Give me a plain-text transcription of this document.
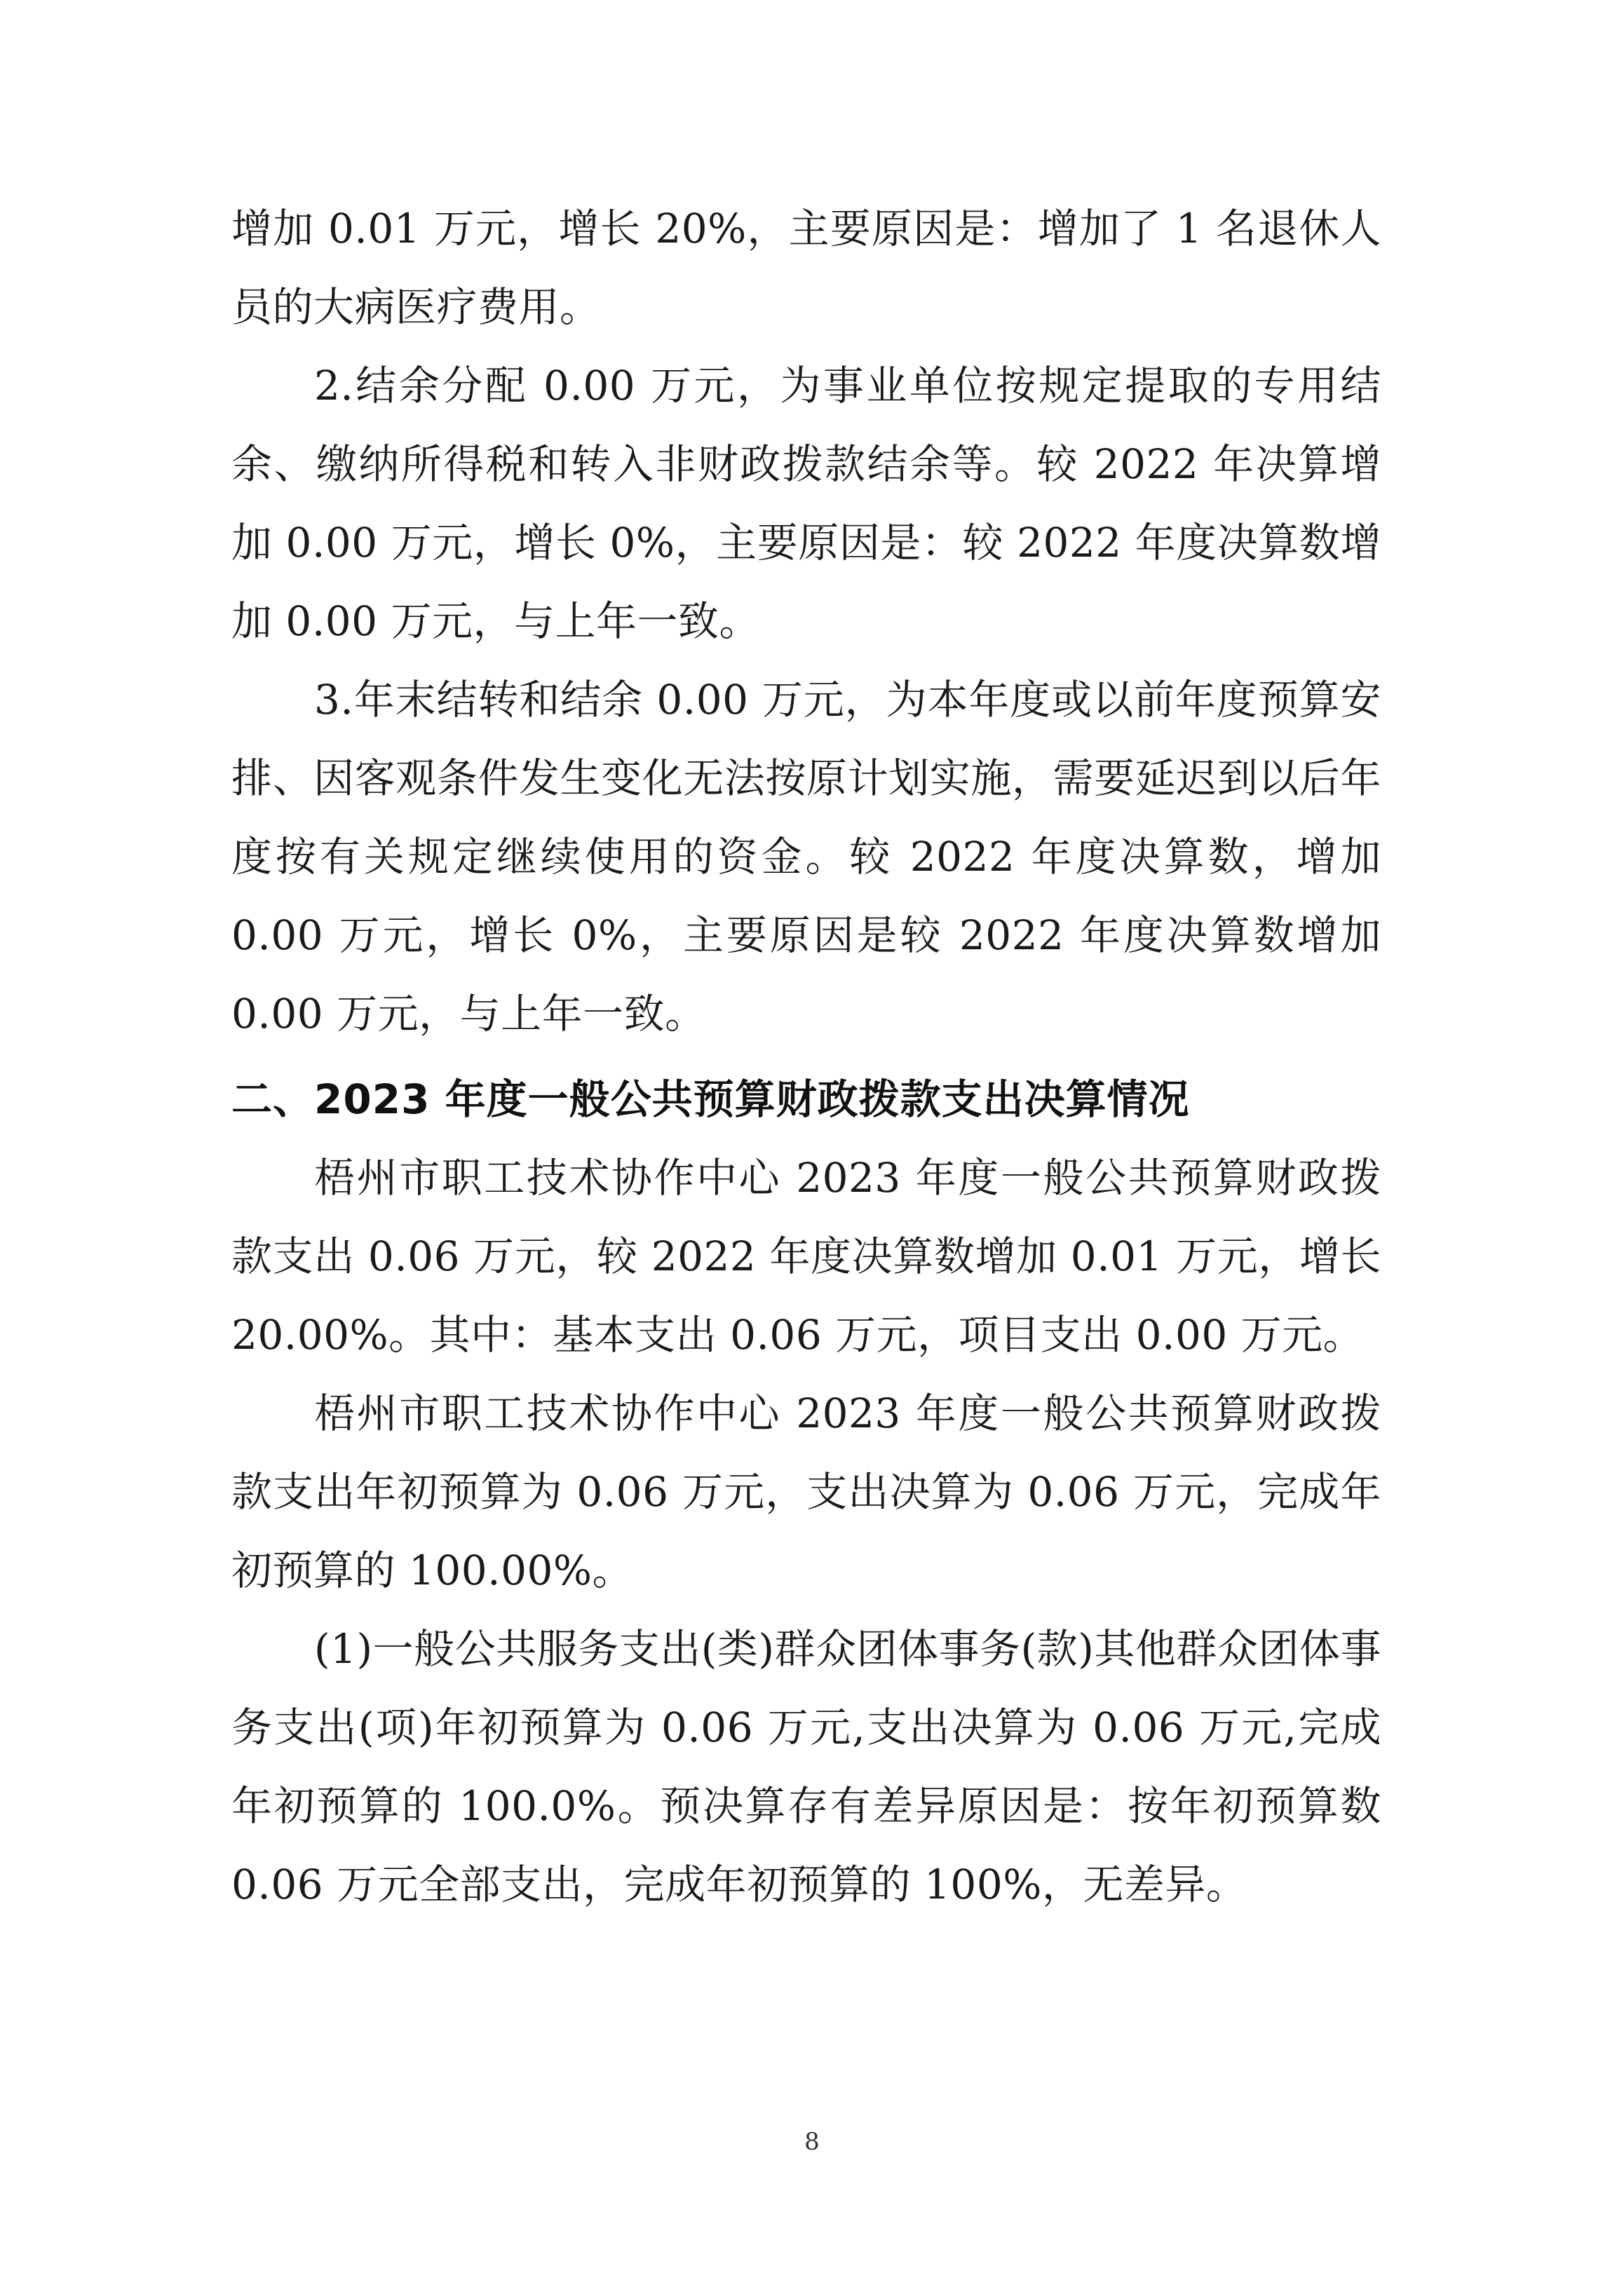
增加 0.01 万元，增长 20%，主要原因是：增加了 1 名退休人员的大病医疗费用。

2.结余分配 0.00 万元，为事业单位按规定提取的专用结余、缴纳所得税和转入非财政拨款结余等。较 2022 年决算增加 0.00 万元，增长 0%，主要原因是：较 2022 年度决算数增加 0.00 万元，与上年一致。

3.年末结转和结余 0.00 万元，为本年度或以前年度预算安排、因客观条件发生变化无法按原计划实施，需要延迟到以后年度按有关规定继续使用的资金。较 2022 年度决算数，增加 0.00 万元，增长 0%，主要原因是较 2022 年度决算数增加 0.00 万元，与上年一致。

二、2023 年度一般公共预算财政拨款支出决算情况

梧州市职工技术协作中心 2023 年度一般公共预算财政拨款支出 0.06 万元，较 2022 年度决算数增加 0.01 万元，增长 20.00%。其中：基本支出 0.06 万元，项目支出 0.00 万元。

梧州市职工技术协作中心 2023 年度一般公共预算财政拨款支出年初预算为 0.06 万元，支出决算为 0.06 万元，完成年初预算的 100.00%。

(1)一般公共服务支出(类)群众团体事务(款)其他群众团体事务支出(项)年初预算为 0.06 万元,支出决算为 0.06 万元,完成年初预算的 100.0%。预决算存有差异原因是：按年初预算数 0.06 万元全部支出，完成年初预算的 100%，无差异。

8
